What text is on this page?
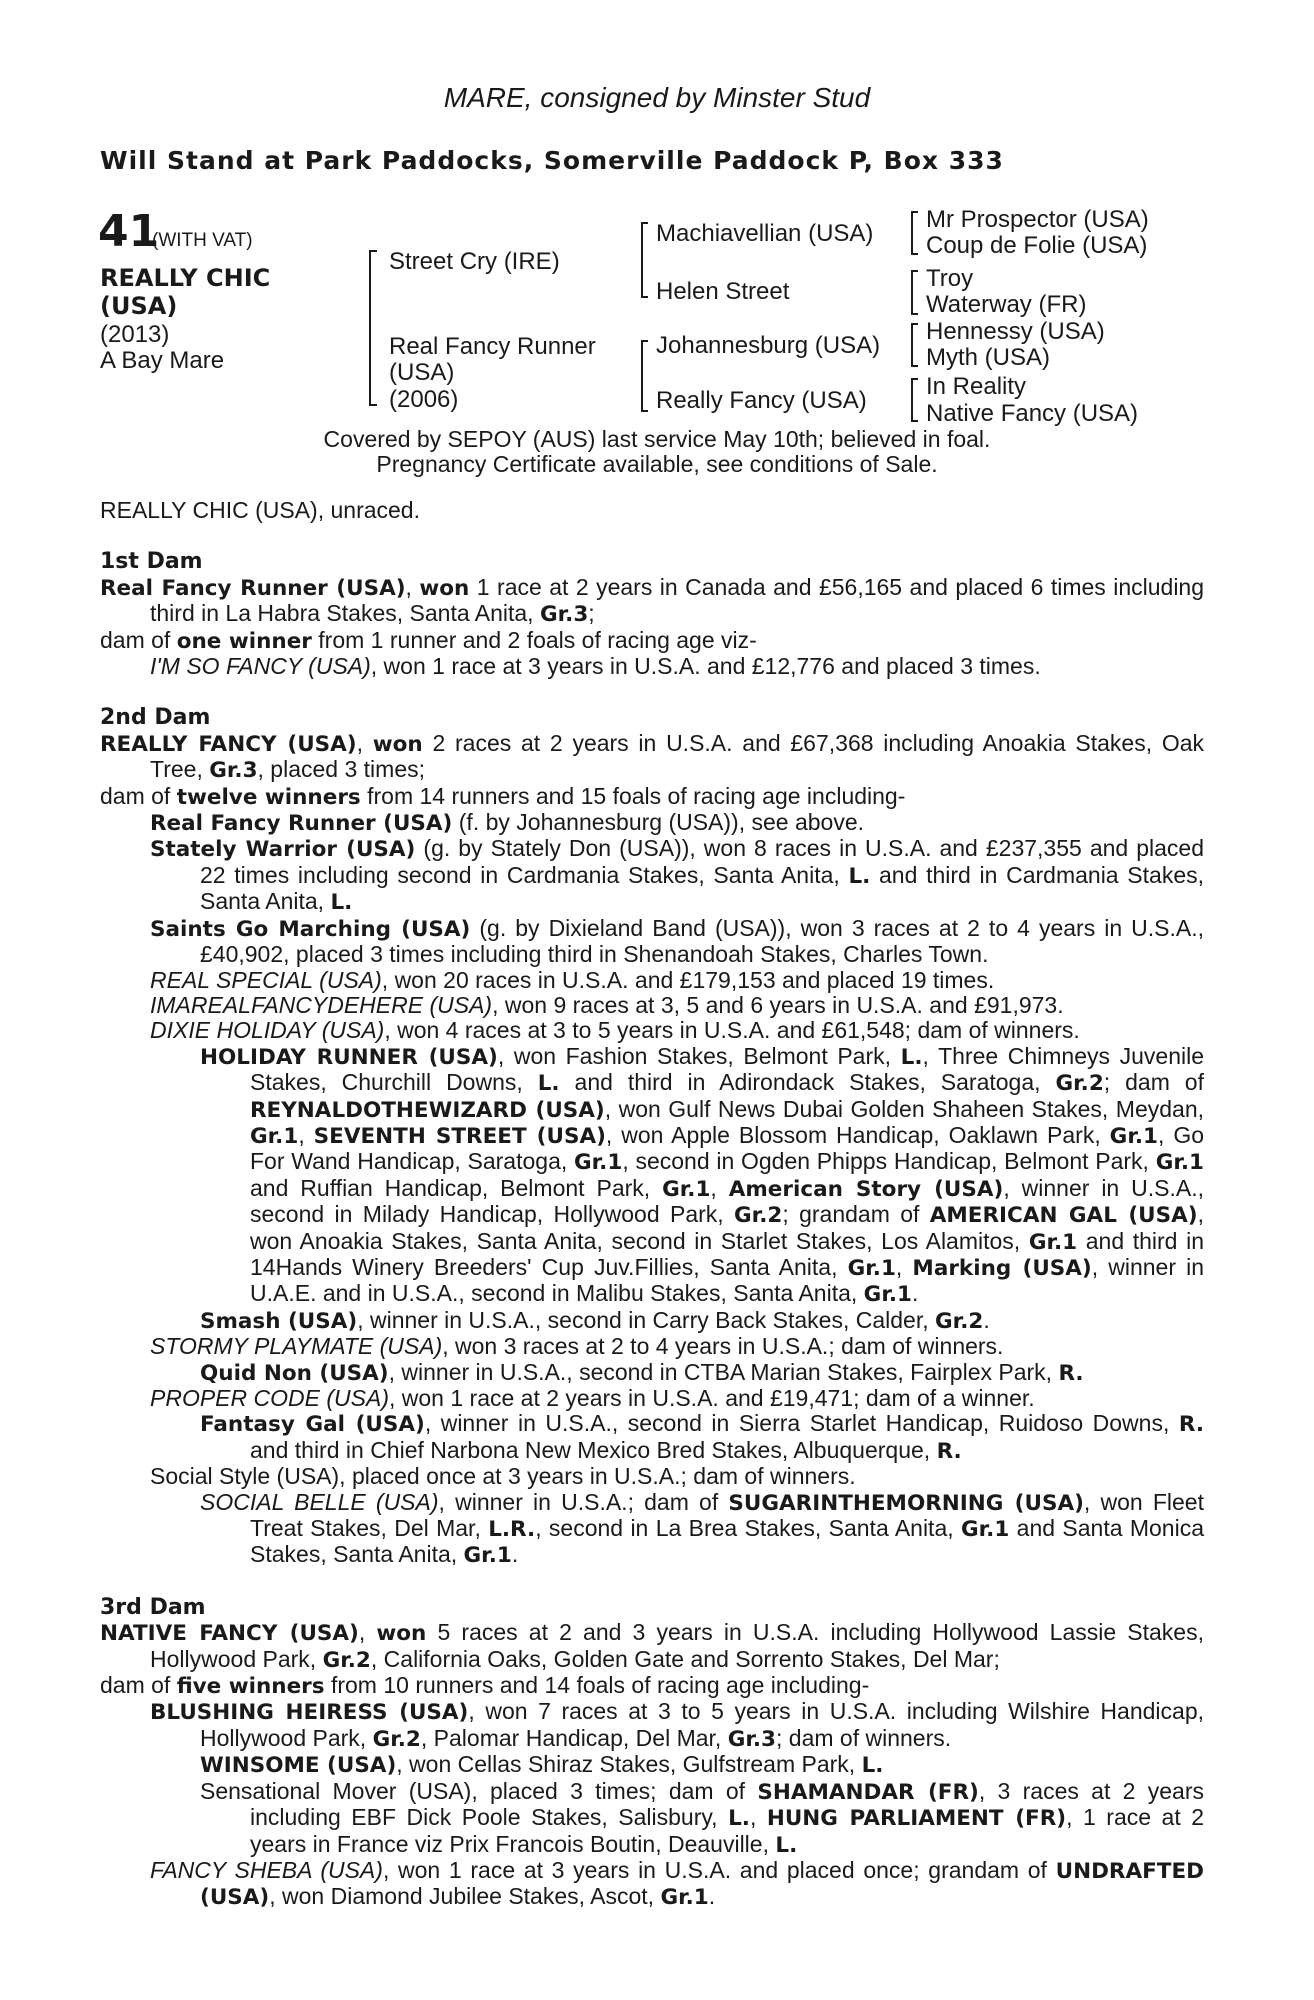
MARE, consigned by Minster Stud
Will Stand at Park Paddocks, Somerville Paddock P, Box 333
41
(WITH VAT)
REALLY CHIC
(USA)
(2013)
A Bay Mare
Street Cry (IRE)
Real Fancy Runner
(USA)
(2006)
Machiavellian (USA)
Helen Street
Johannesburg (USA)
Really Fancy (USA)
Mr Prospector (USA)
Coup de Folie (USA)
Troy
Waterway (FR)
Hennessy (USA)
Myth (USA)
In Reality
Native Fancy (USA)
Covered by SEPOY (AUS) last service May 10th; believed in foal.
Pregnancy Certificate available, see conditions of Sale.
REALLY CHIC (USA), unraced.
1st Dam
Real Fancy Runner (USA), won 1 race at 2 years in Canada and £56,165 and placed 6 times including third in La Habra Stakes, Santa Anita, Gr.3;
dam of one winner from 1 runner and 2 foals of racing age viz-
I'M SO FANCY (USA), won 1 race at 3 years in U.S.A. and £12,776 and placed 3 times.
2nd Dam
REALLY FANCY (USA), won 2 races at 2 years in U.S.A. and £67,368 including Anoakia Stakes, Oak Tree, Gr.3, placed 3 times;
dam of twelve winners from 14 runners and 15 foals of racing age including-
Real Fancy Runner (USA) (f. by Johannesburg (USA)), see above.
Stately Warrior (USA) (g. by Stately Don (USA)), won 8 races in U.S.A. and £237,355 and placed 22 times including second in Cardmania Stakes, Santa Anita, L. and third in Cardmania Stakes, Santa Anita, L.
Saints Go Marching (USA) (g. by Dixieland Band (USA)), won 3 races at 2 to 4 years in U.S.A., £40,902, placed 3 times including third in Shenandoah Stakes, Charles Town.
REAL SPECIAL (USA), won 20 races in U.S.A. and £179,153 and placed 19 times.
IMAREALFANCYDEHERE (USA), won 9 races at 3, 5 and 6 years in U.S.A. and £91,973.
DIXIE HOLIDAY (USA), won 4 races at 3 to 5 years in U.S.A. and £61,548; dam of winners.
HOLIDAY RUNNER (USA), won Fashion Stakes, Belmont Park, L., Three Chimneys Juvenile Stakes, Churchill Downs, L. and third in Adirondack Stakes, Saratoga, Gr.2; dam of REYNALDOTHEWIZARD (USA), won Gulf News Dubai Golden Shaheen Stakes, Meydan, Gr.1, SEVENTH STREET (USA), won Apple Blossom Handicap, Oaklawn Park, Gr.1, Go For Wand Handicap, Saratoga, Gr.1, second in Ogden Phipps Handicap, Belmont Park, Gr.1 and Ruffian Handicap, Belmont Park, Gr.1, American Story (USA), winner in U.S.A., second in Milady Handicap, Hollywood Park, Gr.2; grandam of AMERICAN GAL (USA), won Anoakia Stakes, Santa Anita, second in Starlet Stakes, Los Alamitos, Gr.1 and third in 14Hands Winery Breeders' Cup Juv.Fillies, Santa Anita, Gr.1, Marking (USA), winner in U.A.E. and in U.S.A., second in Malibu Stakes, Santa Anita, Gr.1.
Smash (USA), winner in U.S.A., second in Carry Back Stakes, Calder, Gr.2.
STORMY PLAYMATE (USA), won 3 races at 2 to 4 years in U.S.A.; dam of winners.
Quid Non (USA), winner in U.S.A., second in CTBA Marian Stakes, Fairplex Park, R.
PROPER CODE (USA), won 1 race at 2 years in U.S.A. and £19,471; dam of a winner.
Fantasy Gal (USA), winner in U.S.A., second in Sierra Starlet Handicap, Ruidoso Downs, R. and third in Chief Narbona New Mexico Bred Stakes, Albuquerque, R.
Social Style (USA), placed once at 3 years in U.S.A.; dam of winners.
SOCIAL BELLE (USA), winner in U.S.A.; dam of SUGARINTHEMORNING (USA), won Fleet Treat Stakes, Del Mar, L.R., second in La Brea Stakes, Santa Anita, Gr.1 and Santa Monica Stakes, Santa Anita, Gr.1.
3rd Dam
NATIVE FANCY (USA), won 5 races at 2 and 3 years in U.S.A. including Hollywood Lassie Stakes, Hollywood Park, Gr.2, California Oaks, Golden Gate and Sorrento Stakes, Del Mar;
dam of five winners from 10 runners and 14 foals of racing age including-
BLUSHING HEIRESS (USA), won 7 races at 3 to 5 years in U.S.A. including Wilshire Handicap, Hollywood Park, Gr.2, Palomar Handicap, Del Mar, Gr.3; dam of winners.
WINSOME (USA), won Cellas Shiraz Stakes, Gulfstream Park, L.
Sensational Mover (USA), placed 3 times; dam of SHAMANDAR (FR), 3 races at 2 years including EBF Dick Poole Stakes, Salisbury, L., HUNG PARLIAMENT (FR), 1 race at 2 years in France viz Prix Francois Boutin, Deauville, L.
FANCY SHEBA (USA), won 1 race at 3 years in U.S.A. and placed once; grandam of UNDRAFTED (USA), won Diamond Jubilee Stakes, Ascot, Gr.1.
